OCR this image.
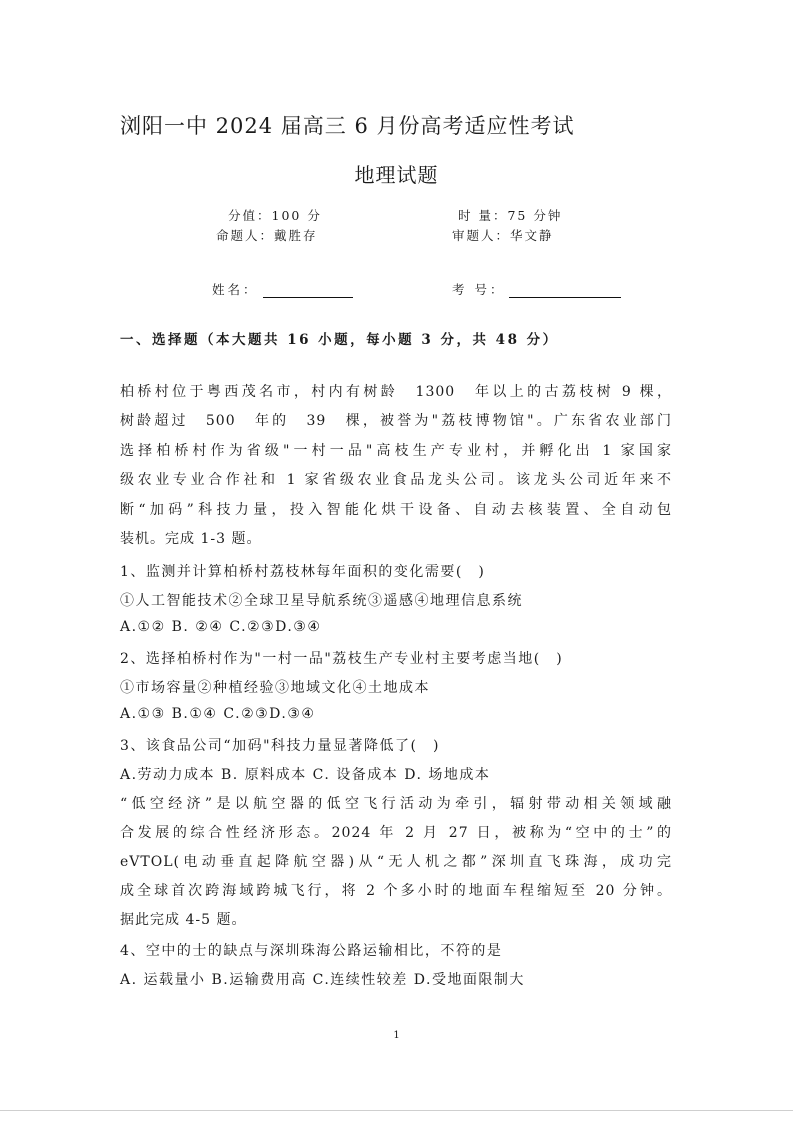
浏阳一中 2024 届高三 6 月份高考适应性考试
地理试题
分值：100 分	时 量：75 分钟
命题人：戴胜存	审题人：华文静
姓名：	考 号：
一、选择题（本大题共 16 小题，每小题 3 分，共 48 分）
柏桥村位于粤西茂名市，村内有树龄　1300　年以上的古荔枝树 9 棵，
树龄超过　500　年的　39　棵，被誉为"荔枝博物馆"。广东省农业部门
选择柏桥村作为省级"一村一品"高枝生产专业村，并孵化出 1 家国家
级农业专业合作社和 1 家省级农业食品龙头公司。该龙头公司近年来不
断“加码”科技力量，投入智能化烘干设备、自动去核装置、全自动包
装机。完成 1-3 题。
1、监测并计算柏桥村荔枝林每年面积的变化需要(　)
①人工智能技术②全球卫星导航系统③遥感④地理信息系统
A.①② B. ②④ C.②③D.③④
2、选择柏桥村作为"一村一品"荔枝生产专业村主要考虑当地(　)
①市场容量②种植经验③地域文化④土地成本
A.①③ B.①④ C.②③D.③④
3、该食品公司“加码"科技力量显著降低了(　)
A.劳动力成本 B. 原料成本 C. 设备成本 D. 场地成本
“低空经济”是以航空器的低空飞行活动为牵引，辐射带动相关领域融
合发展的综合性经济形态。2024 年 2 月 27 日，被称为“空中的士”的
eVTOL(电动垂直起降航空器)从“无人机之都”深圳直飞珠海，成功完
成全球首次跨海域跨城飞行，将 2 个多小时的地面车程缩短至 20 分钟。
据此完成 4-5 题。
4、空中的士的缺点与深圳珠海公路运输相比，不符的是
A. 运载量小 B.运输费用高 C.连续性较差 D.受地面限制大
1
